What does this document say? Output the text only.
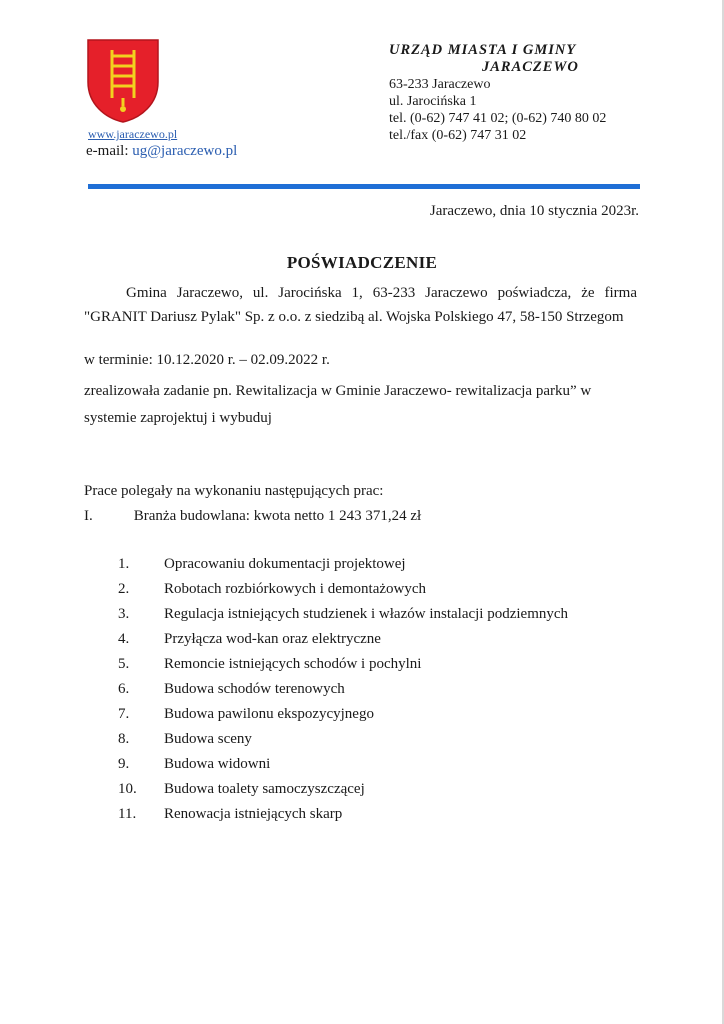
www.jaraczewo.pl
e-mail: ug@jaraczewo.pl
URZĄD MIASTA I GMINY
JARACZEWO
63-233 Jaraczewo
ul. Jarocińska 1
tel. (0-62) 747 41 02; (0-62) 740 80 02
tel./fax (0-62) 747 31 02
Jaraczewo, dnia 10 stycznia 2023r.
POŚWIADCZENIE
Gmina Jaraczewo, ul. Jarocińska 1, 63-233 Jaraczewo poświadcza, że firma
"GRANIT Dariusz Pylak" Sp. z o.o. z siedzibą al. Wojska Polskiego 47, 58-150 Strzegom
w terminie: 10.12.2020 r. – 02.09.2022 r.
zrealizowała zadanie pn. Rewitalizacja w Gminie Jaraczewo- rewitalizacja parku” w systemie zaprojektuj i wybuduj
Prace polegały na wykonaniu następujących prac:
I.	Branża budowlana: kwota netto 1 243 371,24 zł
1.	Opracowaniu dokumentacji projektowej
2.	Robotach rozbiórkowych i demontażowych
3.	Regulacja istniejących studzienek i włazów instalacji podziemnych
4.	Przyłącza wod-kan oraz elektryczne
5.	Remoncie istniejących schodów i pochylni
6.	Budowa schodów terenowych
7.	Budowa pawilonu ekspozycyjnego
8.	Budowa sceny
9.	Budowa widowni
10.	Budowa toalety samoczyszczącej
11.	Renowacja istniejących skarp
